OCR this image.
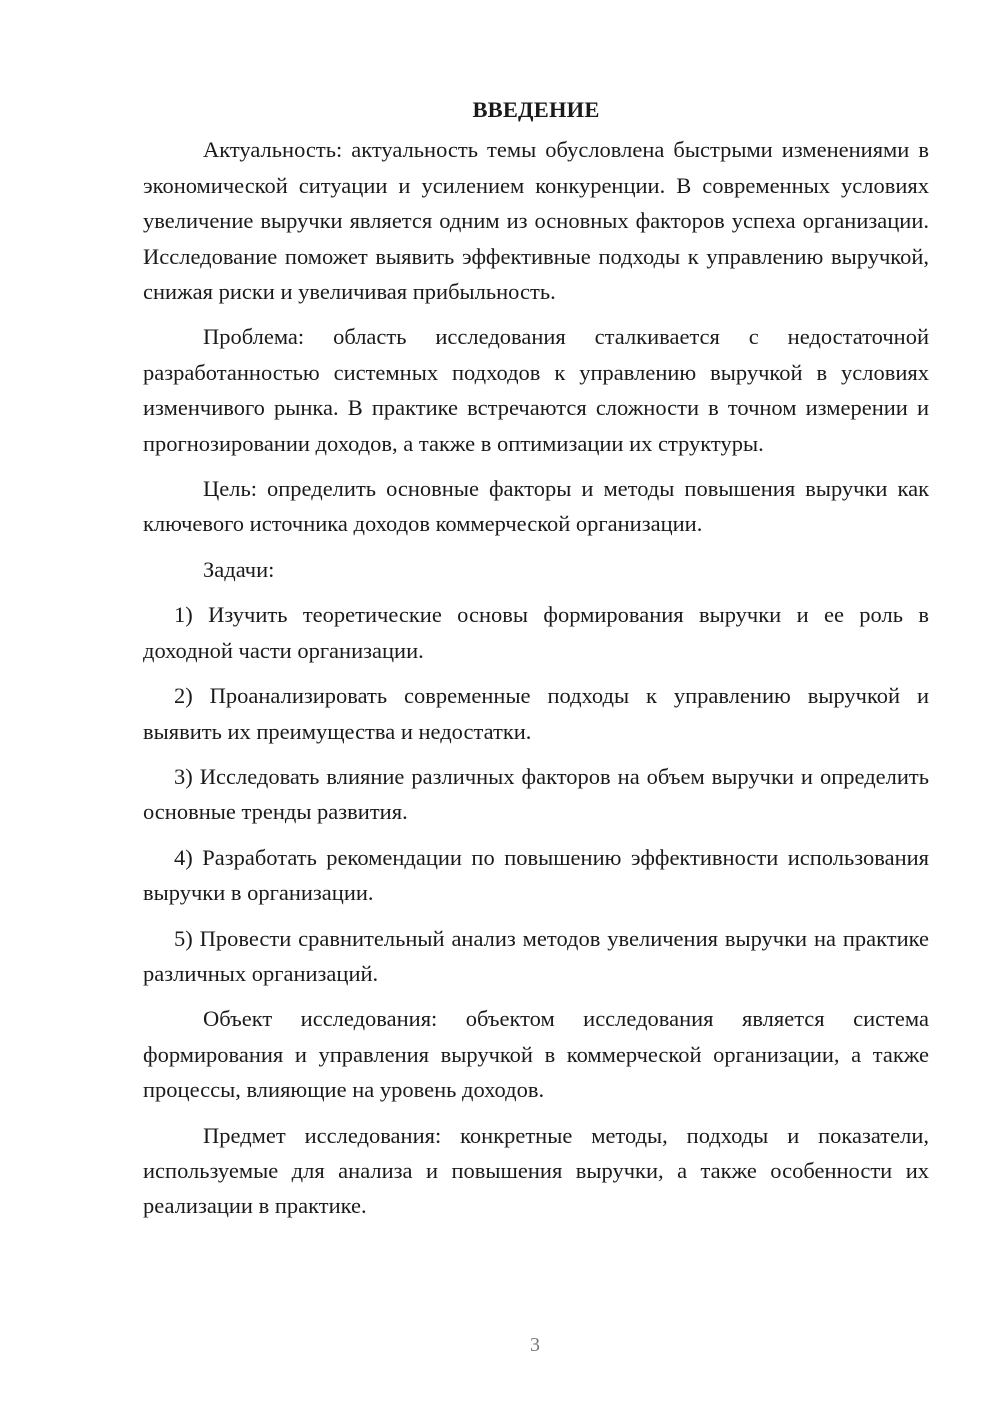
ВВЕДЕНИЕ

Актуальность: актуальность темы обусловлена быстрыми изменениями в экономической ситуации и усилением конкуренции. В современных условиях увеличение выручки является одним из основных факторов успеха организации. Исследование поможет выявить эффективные подходы к управлению выручкой, снижая риски и увеличивая прибыльность.

Проблема: область исследования сталкивается с недостаточной разработанностью системных подходов к управлению выручкой в условиях изменчивого рынка. В практике встречаются сложности в точном измерении и прогнозировании доходов, а также в оптимизации их структуры.

Цель: определить основные факторы и методы повышения выручки как ключевого источника доходов коммерческой организации.

Задачи:

1) Изучить теоретические основы формирования выручки и ее роль в доходной части организации.

2) Проанализировать современные подходы к управлению выручкой и выявить их преимущества и недостатки.

3) Исследовать влияние различных факторов на объем выручки и определить основные тренды развития.

4) Разработать рекомендации по повышению эффективности использования выручки в организации.

5) Провести сравнительный анализ методов увеличения выручки на практике различных организаций.

Объект исследования: объектом исследования является система формирования и управления выручкой в коммерческой организации, а также процессы, влияющие на уровень доходов.

Предмет исследования: конкретные методы, подходы и показатели, используемые для анализа и повышения выручки, а также особенности их реализации в практике.

3
